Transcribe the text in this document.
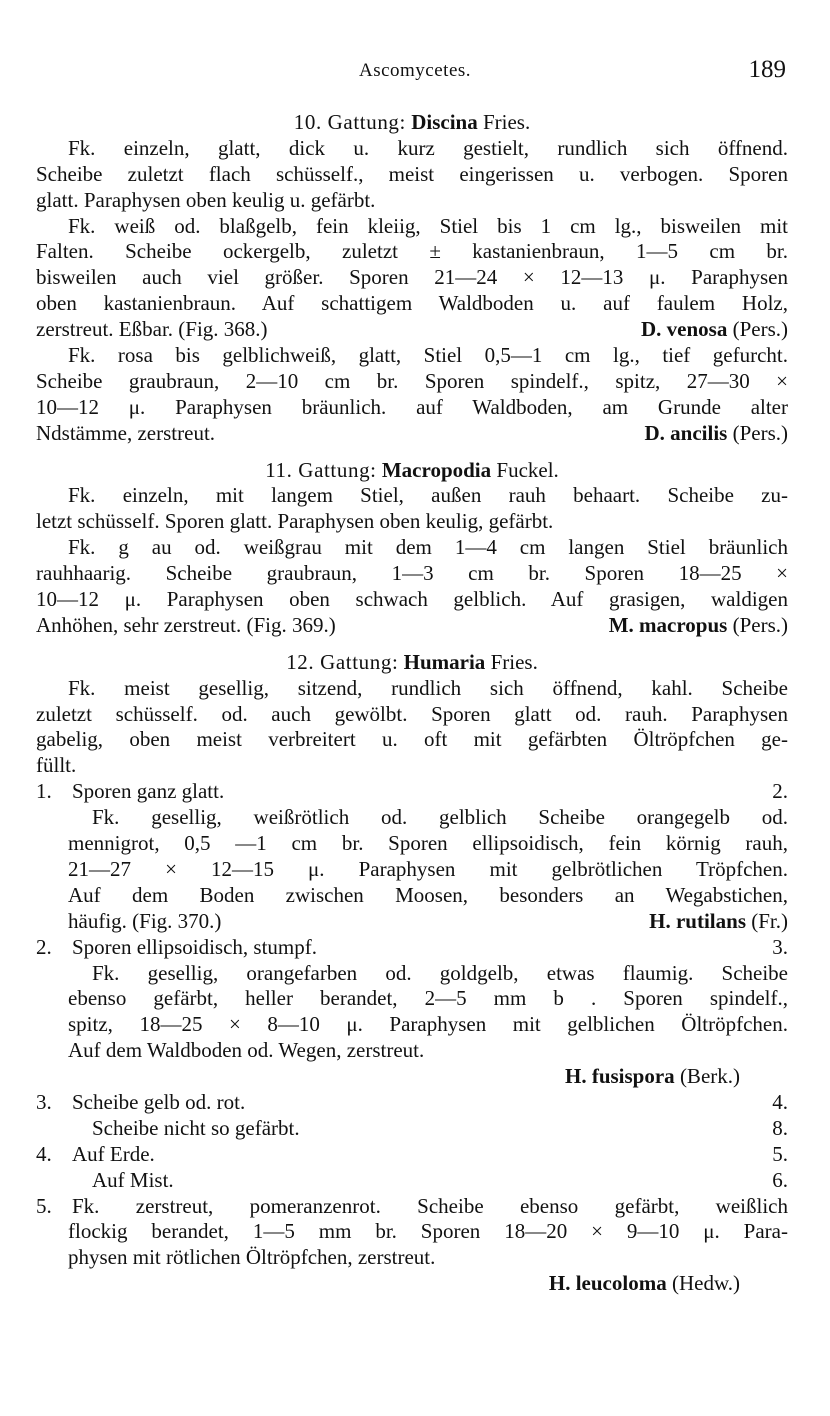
Ascomycetes.	189
10. Gattung: Discina Fries.
Fk. einzeln, glatt, dick u. kurz gestielt, rundlich sich öffnend.
Scheibe zuletzt flach schüsself., meist eingerissen u. verbogen. Sporen
glatt. Paraphysen oben keulig u. gefärbt.
Fk. weiß od. blaßgelb, fein kleiig, Stiel bis 1 cm lg., bisweilen mit
Falten. Scheibe ockergelb, zuletzt ± kastanienbraun, 1—5 cm br.
bisweilen auch viel größer. Sporen 21—24 × 12—13 μ. Paraphysen
oben kastanienbraun. Auf schattigem Waldboden u. auf faulem Holz,
zerstreut. Eßbar. (Fig. 368.)	D. venosa (Pers.)
Fk. rosa bis gelblichweiß, glatt, Stiel 0,5—1 cm lg., tief gefurcht.
Scheibe graubraun, 2—10 cm br. Sporen spindelf., spitz, 27—30 ×
10—12 μ. Paraphysen bräunlich. auf Waldboden, am Grunde alter
Ndstämme, zerstreut.	D. ancilis (Pers.)
11. Gattung: Macropodia Fuckel.
Fk. einzeln, mit langem Stiel, außen rauh behaart. Scheibe zu-
letzt schüsself. Sporen glatt. Paraphysen oben keulig, gefärbt.
Fk. g au od. weißgrau mit dem 1—4 cm langen Stiel bräunlich
rauhhaarig. Scheibe graubraun, 1—3 cm br. Sporen 18—25 ×
10—12 μ. Paraphysen oben schwach gelblich. Auf grasigen, waldigen
Anhöhen, sehr zerstreut. (Fig. 369.)	M. macropus (Pers.)
12. Gattung: Humaria Fries.
Fk. meist gesellig, sitzend, rundlich sich öffnend, kahl. Scheibe
zuletzt schüsself. od. auch gewölbt. Sporen glatt od. rauh. Paraphysen
gabelig, oben meist verbreitert u. oft mit gefärbten Öltröpfchen ge-
füllt.
1. Sporen ganz glatt.	2.
Fk. gesellig, weißrötlich od. gelblich Scheibe orangegelb od.
mennigrot, 0,5 —1 cm br. Sporen ellipsoidisch, fein körnig rauh,
21—27 × 12—15 μ. Paraphysen mit gelbrötlichen Tröpfchen.
Auf dem Boden zwischen Moosen, besonders an Wegabstichen,
häufig. (Fig. 370.)	H. rutilans (Fr.)
2. Sporen ellipsoidisch, stumpf.	3.
Fk. gesellig, orangefarben od. goldgelb, etwas flaumig. Scheibe
ebenso gefärbt, heller berandet, 2—5 mm b . Sporen spindelf.,
spitz, 18—25 × 8—10 μ. Paraphysen mit gelblichen Öltröpfchen.
Auf dem Waldboden od. Wegen, zerstreut.
H. fusispora (Berk.)
3. Scheibe gelb od. rot.	4.
Scheibe nicht so gefärbt.	8.
4. Auf Erde.	5.
Auf Mist.	6.
5. Fk. zerstreut, pomeranzenrot. Scheibe ebenso gefärbt, weißlich
flockig berandet, 1—5 mm br. Sporen 18—20 × 9—10 μ. Para-
physen mit rötlichen Öltröpfchen, zerstreut.
H. leucoloma (Hedw.)
